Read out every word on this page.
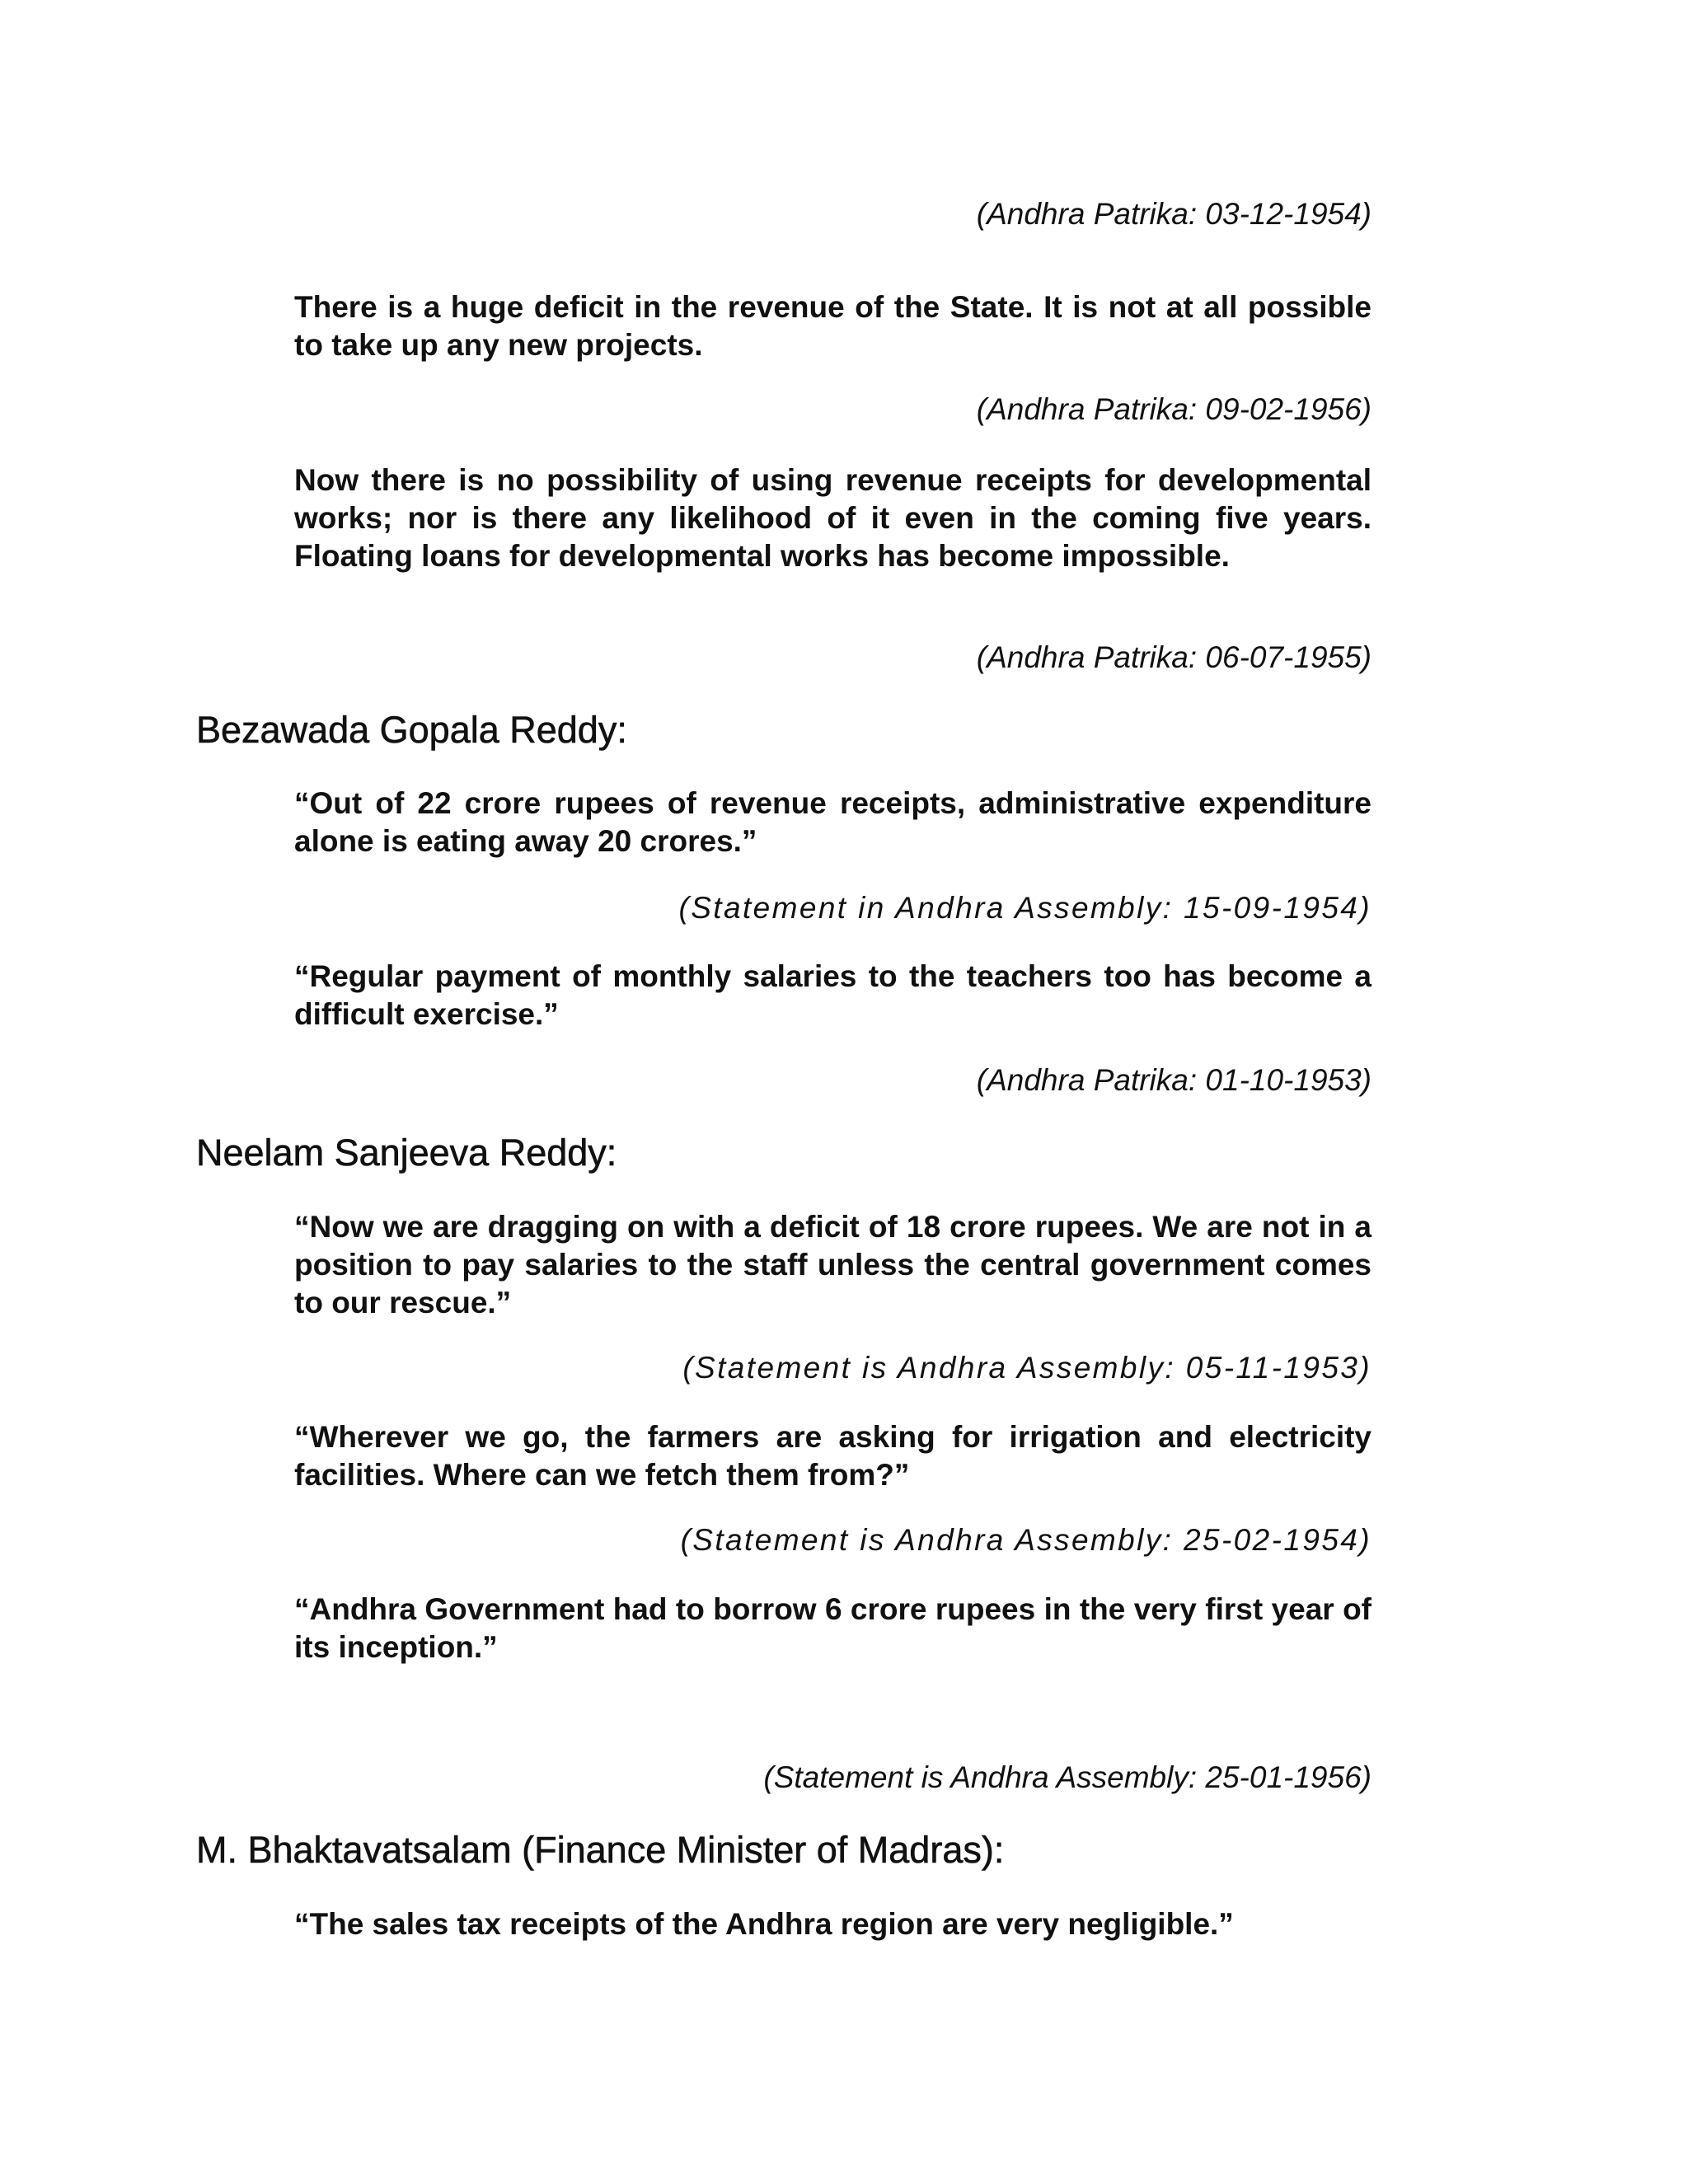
(Andhra Patrika: 03-12-1954)
There is a huge deficit in the revenue of the State. It is not at all possible to take up any new projects.
(Andhra Patrika: 09-02-1956)
Now there is no possibility of using revenue receipts for developmental works; nor is there any likelihood of it even in the coming five years. Floating loans for developmental works has become impossible.
(Andhra Patrika: 06-07-1955)
Bezawada Gopala Reddy:
“Out of 22 crore rupees of revenue receipts, administrative expenditure alone is eating away 20 crores.”
(Statement in Andhra Assembly: 15-09-1954)
“Regular payment of monthly salaries to the teachers too has become a difficult exercise.”
(Andhra Patrika: 01-10-1953)
Neelam Sanjeeva Reddy:
“Now we are dragging on with a deficit of 18 crore rupees. We are not in a position to pay salaries to the staff unless the central government comes to our rescue.”
(Statement is Andhra Assembly: 05-11-1953)
“Wherever we go, the farmers are asking for irrigation and electricity facilities. Where can we fetch them from?”
(Statement is Andhra Assembly: 25-02-1954)
“Andhra Government had to borrow 6 crore rupees in the very first year of its inception.”
(Statement is Andhra Assembly: 25-01-1956)
M. Bhaktavatsalam (Finance Minister of Madras):
“The sales tax receipts of the Andhra region are very negligible.”
